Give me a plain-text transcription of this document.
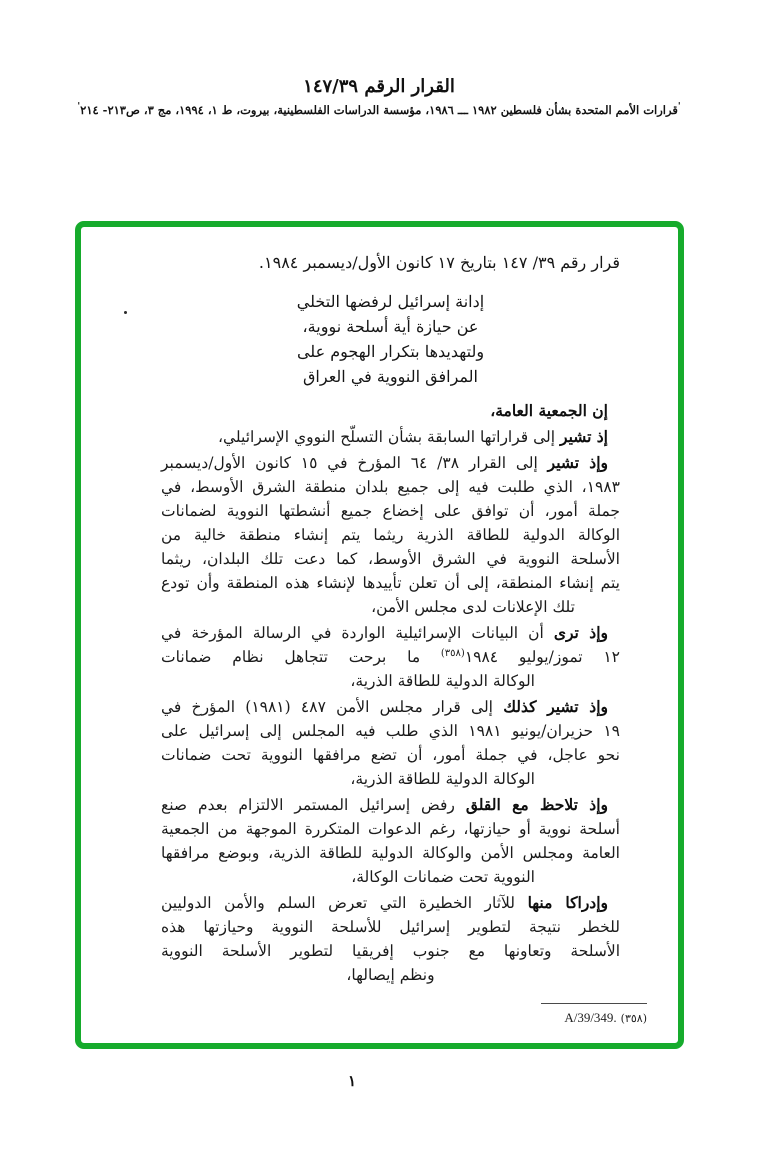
القرار الرقم ١٤٧/٣٩
'قرارات الأمم المتحدة بشأن فلسطين ١٩٨٢ ـــ ١٩٨٦، مؤسسة الدراسات الفلسطينية، بيروت، ط ١، ١٩٩٤، مج ٣، ص٢١٣- ٢١٤'
قرار رقم ٣٩/ ١٤٧ بتاريخ ١٧ كانون الأول/ديسمبر ١٩٨٤.
إدانة إسرائيل لرفضها التخلي
عن حيازة أية أسلحة نووية،
ولتهديدها بتكرار الهجوم على
المرافق النووية في العراق
إن الجمعية العامة،
إذ تشير إلى قراراتها السابقة بشأن التسلّح النووي الإسرائيلي،
وإذ تشير إلى القرار ٣٨/ ٦٤ المؤرخ في ١٥ كانون الأول/ديسمبر
١٩٨٣، الذي طلبت فيه إلى جميع بلدان منطقة الشرق الأوسط، في
جملة أمور، أن توافق على إخضاع جميع أنشطتها النووية لضمانات
الوكالة الدولية للطاقة الذرية ريثما يتم إنشاء منطقة خالية من
الأسلحة النووية في الشرق الأوسط، كما دعت تلك البلدان، ريثما
يتم إنشاء المنطقة، إلى أن تعلن تأييدها لإنشاء هذه المنطقة وأن تودع
تلك الإعلانات لدى مجلس الأمن،
وإذ ترى أن البيانات الإسرائيلية الواردة في الرسالة المؤرخة في
١٢ تموز/يوليو ١٩٨٤$^{(٣٥٨)}$ ما برحت تتجاهل نظام ضمانات
الوكالة الدولية للطاقة الذرية،
وإذ تشير كذلك إلى قرار مجلس الأمن ٤٨٧ (١٩٨١) المؤرخ في
١٩ حزيران/يونيو ١٩٨١ الذي طلب فيه المجلس إلى إسرائيل على
نحو عاجل، في جملة أمور، أن تضع مرافقها النووية تحت ضمانات
الوكالة الدولية للطاقة الذرية،
وإذ تلاحظ مع القلق رفض إسرائيل المستمر الالتزام بعدم صنع
أسلحة نووية أو حيازتها، رغم الدعوات المتكررة الموجهة من الجمعية
العامة ومجلس الأمن والوكالة الدولية للطاقة الذرية، وبوضع مرافقها
النووية تحت ضمانات الوكالة،
وإدراكا منها للآثار الخطيرة التي تعرض السلم والأمن الدوليين
للخطر نتيجة لتطوير إسرائيل للأسلحة النووية وحيازتها هذه
الأسلحة وتعاونها مع جنوب إفريقيا لتطوير الأسلحة النووية
ونظم إيصالها،
(٣٥٨) A/39/349.
١
